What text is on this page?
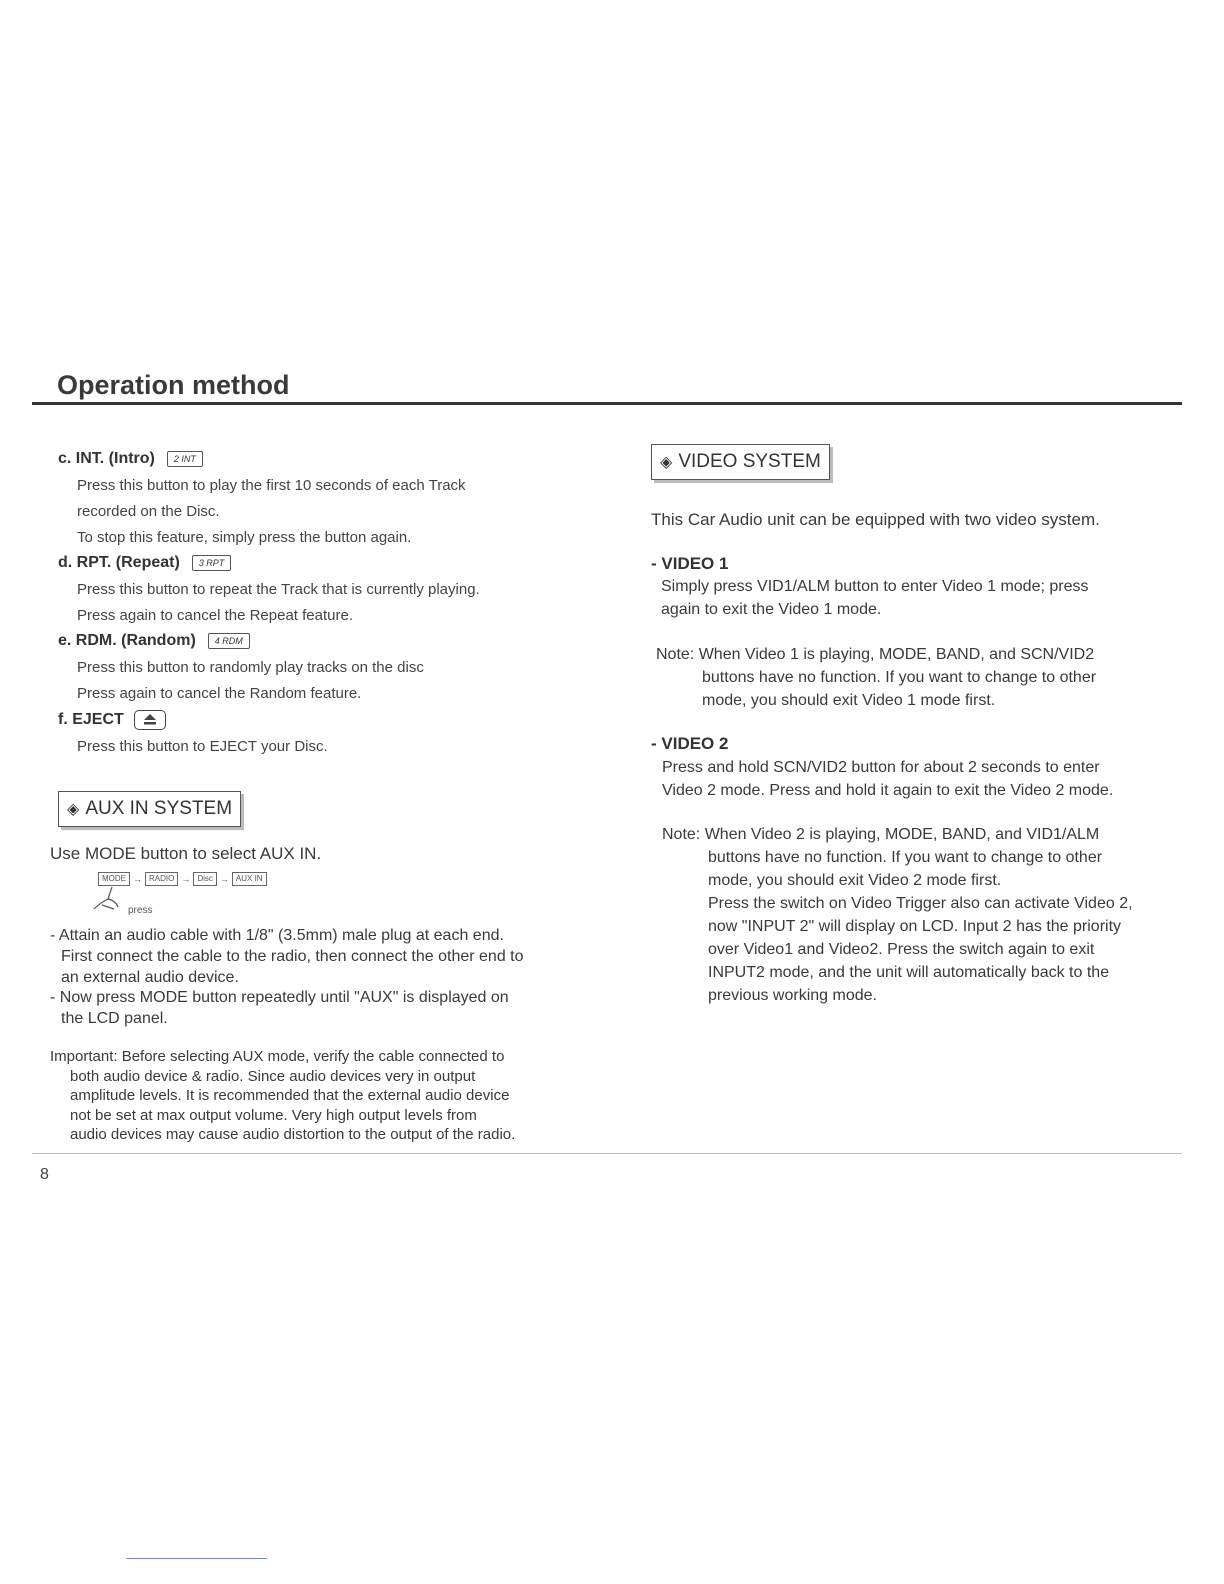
Operation method
c. INT. (Intro) 2 INT
Press this button to play the first 10 seconds of each Track
recorded on the Disc.
To stop this feature, simply press the button again.
d. RPT. (Repeat) 3 RPT
Press this button to repeat the Track that is currently playing.
Press again to cancel the Repeat feature.
e. RDM. (Random) 4 RDM
Press this button to randomly play tracks on the disc
Press again to cancel the Random feature.
f. EJECT
Press this button to EJECT your Disc.
◈ AUX IN SYSTEM
Use MODE button to select AUX IN.
MODE → RADIO → Disc → AUX IN
press
- Attain an audio cable with 1/8" (3.5mm) male plug at each end.
First connect the cable to the radio, then connect the other end to
an external audio device.
- Now press MODE button repeatedly until "AUX" is displayed on
the LCD panel.
Important: Before selecting AUX mode, verify the cable connected to
both audio device & radio. Since audio devices very in output
amplitude levels. It is recommended that the external audio device
not be set at max output volume. Very high output levels from
audio devices may cause audio distortion to the output of the radio.
◈ VIDEO SYSTEM
This Car Audio unit can be equipped with two video system.
- VIDEO 1
Simply press VID1/ALM button to enter Video 1 mode; press
again to exit the Video 1 mode.
Note: When Video 1 is playing, MODE, BAND, and SCN/VID2
buttons have no function. If you want to change to other
mode, you should exit Video 1 mode first.
- VIDEO 2
Press and hold SCN/VID2 button for about 2 seconds to enter
Video 2 mode. Press and hold it again to exit the Video 2 mode.
Note: When Video 2 is playing, MODE, BAND, and VID1/ALM
buttons have no function. If you want to change to other
mode, you should exit Video 2 mode first.
Press the switch on Video Trigger also can activate Video 2,
now "INPUT 2" will display on LCD. Input 2 has the priority
over Video1 and Video2. Press the switch again to exit
INPUT2 mode, and the unit will automatically back to the
previous working mode.
8
